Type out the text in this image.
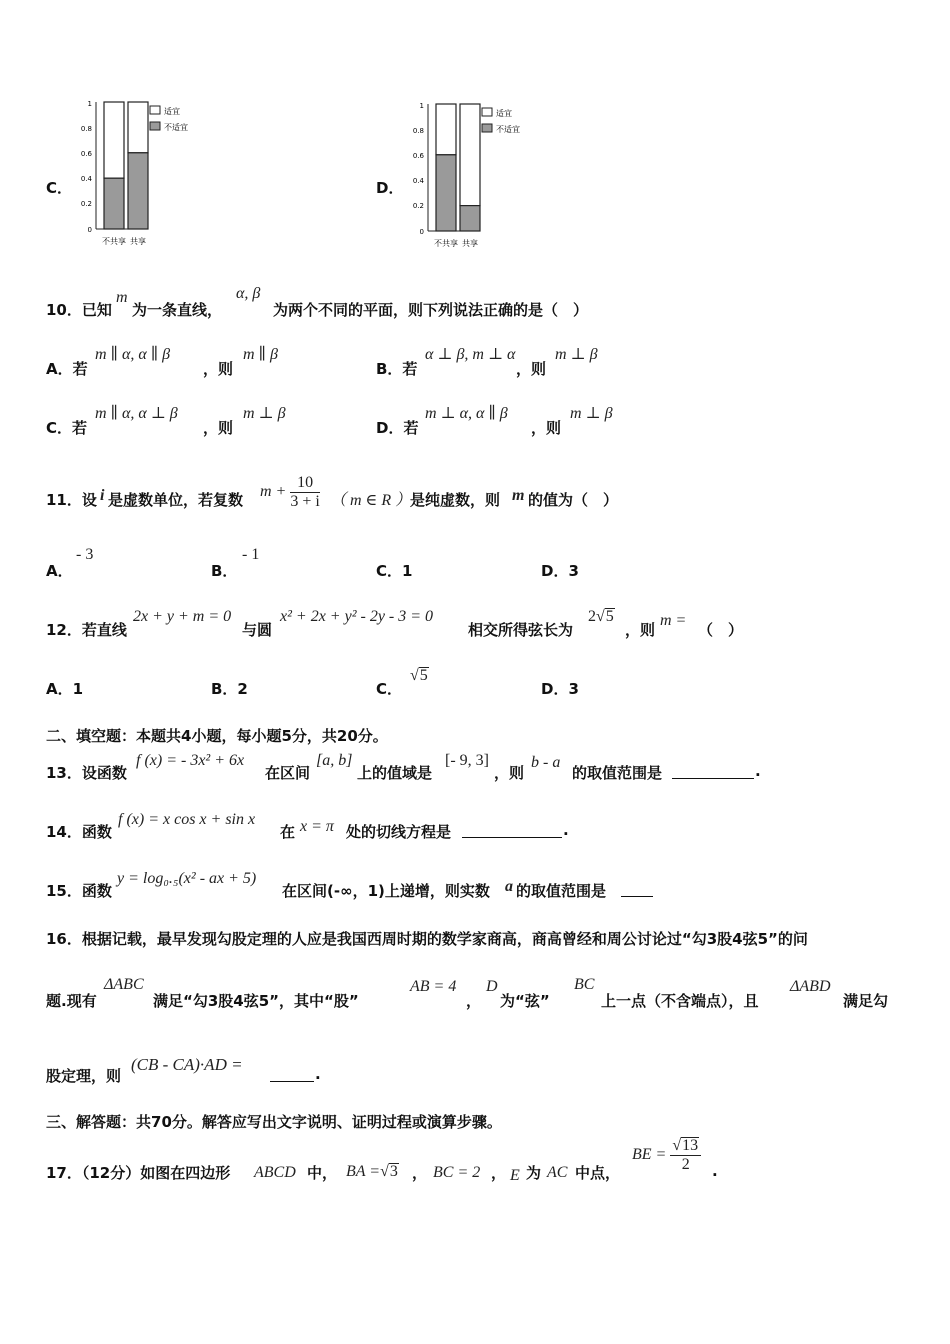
C．
1
0.8
0.6
0.4
0.2
0
适宜
不适宜
不共享 共享
D．
1
0.8
0.6
0.4
0.2
0
适宜
不适宜
不共享 共享
10．已知
m
为一条直线，
α, β
为两个不同的平面，则下列说法正确的是（　）
A．若
m ∥ α, α ∥ β
，则
m ∥ β
B．若
α ⊥ β, m ⊥ α
，则
m ⊥ β
C．若
m ∥ α, α ⊥ β
，则
m ⊥ β
D．若
m ⊥ α, α ∥ β
，则
m ⊥ β
11．设 i 是虚数单位，若复数 $m + \frac{10}{3 + i}$ （ m ∈ R ）
是纯虚数，则 m 的值为（　）
A．
- 3
B．
- 1
C．1	D．3
12．若直线
2x + y + m = 0
与圆
x² + 2x + y² - 2y - 3 = 0
相交所得弦长为
2√5
，则
m =
（　）
A．1	B．2	C．
√5
D．3
二、填空题：本题共4小题，每小题5分，共20分。
13．设函数
f (x) = - 3x² + 6x
在区间
[a, b]
上的值域是
[- 9, 3]
，则
b - a
的取值范围是	.
14．函数
f (x) = x cos x + sin x
在 x = π 处的切线方程是	.
15．函数
y = log₀.₅(x² - ax + 5)
在区间(-∞，1)上递增，则实数 a 的取值范围是
16．根据记载，最早发现勾股定理的人应是我国西周时期的数学家商高，商高曾经和周公讨论过“勾3股4弦5”的问
题.现有
ΔABC
满足“勾3股4弦5”，其中“股”
AB = 4
，
D
为“弦”
BC
上一点（不含端点），且
ΔABD
满足勾
股定理，则
(CB - CA)·AD =	.
三、解答题：共70分。解答应写出文字说明、证明过程或演算步骤。
17．（12分）如图在四边形 ABCD 中， BA =√3 ， BC = 2 ， E 为 AC 中点，
BE = $\frac{√13}{2}$ .
